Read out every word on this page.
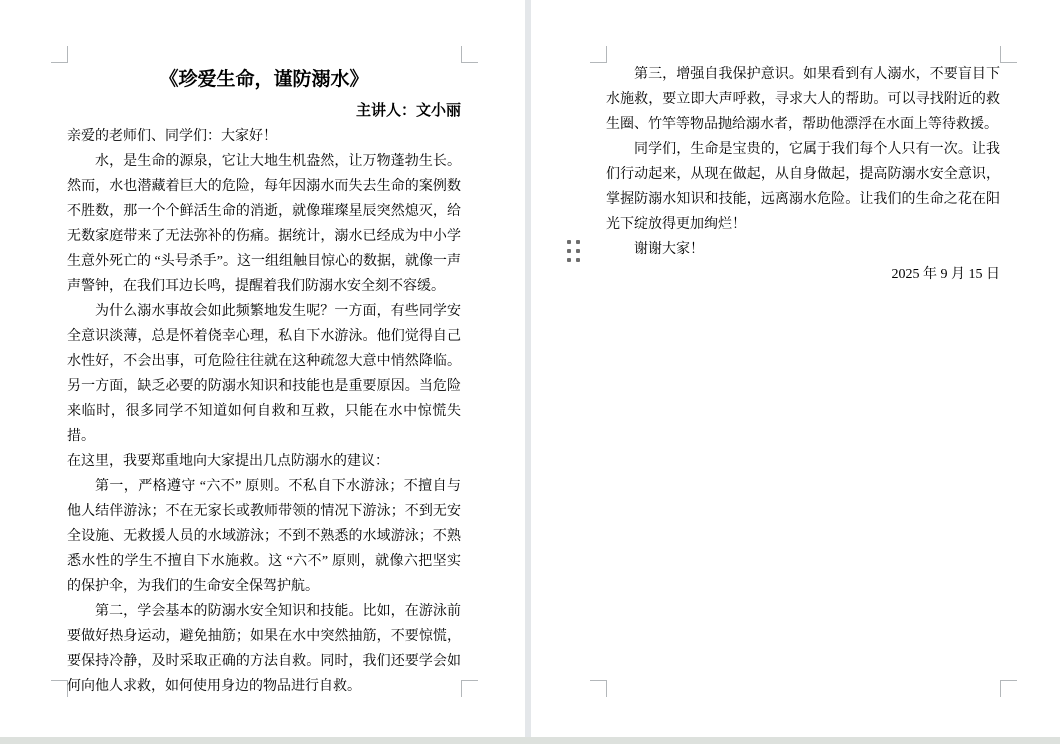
《珍爱生命，谨防溺水》

主讲人：文小丽

亲爱的老师们、同学们：大家好！

水，是生命的源泉，它让大地生机盎然，让万物蓬勃生长。然而，水也潜藏着巨大的危险，每年因溺水而失去生命的案例数不胜数，那一个个鲜活生命的消逝，就像璀璨星辰突然熄灭，给无数家庭带来了无法弥补的伤痛。据统计，溺水已经成为中小学生意外死亡的 “头号杀手”。这一组组触目惊心的数据，就像一声声警钟，在我们耳边长鸣，提醒着我们防溺水安全刻不容缓。

为什么溺水事故会如此频繁地发生呢？一方面，有些同学安全意识淡薄，总是怀着侥幸心理，私自下水游泳。他们觉得自己水性好，不会出事，可危险往往就在这种疏忽大意中悄然降临。另一方面，缺乏必要的防溺水知识和技能也是重要原因。当危险来临时，很多同学不知道如何自救和互救，只能在水中惊慌失措。

在这里，我要郑重地向大家提出几点防溺水的建议：

第一，严格遵守 “六不” 原则。不私自下水游泳；不擅自与他人结伴游泳；不在无家长或教师带领的情况下游泳；不到无安全设施、无救援人员的水域游泳；不到不熟悉的水域游泳；不熟悉水性的学生不擅自下水施救。这 “六不” 原则，就像六把坚实的保护伞，为我们的生命安全保驾护航。

第二，学会基本的防溺水安全知识和技能。比如，在游泳前要做好热身运动，避免抽筋；如果在水中突然抽筋，不要惊慌，要保持冷静，及时采取正确的方法自救。同时，我们还要学会如何向他人求救，如何使用身边的物品进行自救。

第三，增强自我保护意识。如果看到有人溺水，不要盲目下水施救，要立即大声呼救，寻求大人的帮助。可以寻找附近的救生圈、竹竿等物品抛给溺水者，帮助他漂浮在水面上等待救援。

同学们，生命是宝贵的，它属于我们每个人只有一次。让我们行动起来，从现在做起，从自身做起，提高防溺水安全意识，掌握防溺水知识和技能，远离溺水危险。让我们的生命之花在阳光下绽放得更加绚烂！

谢谢大家！

2025 年 9 月 15 日
